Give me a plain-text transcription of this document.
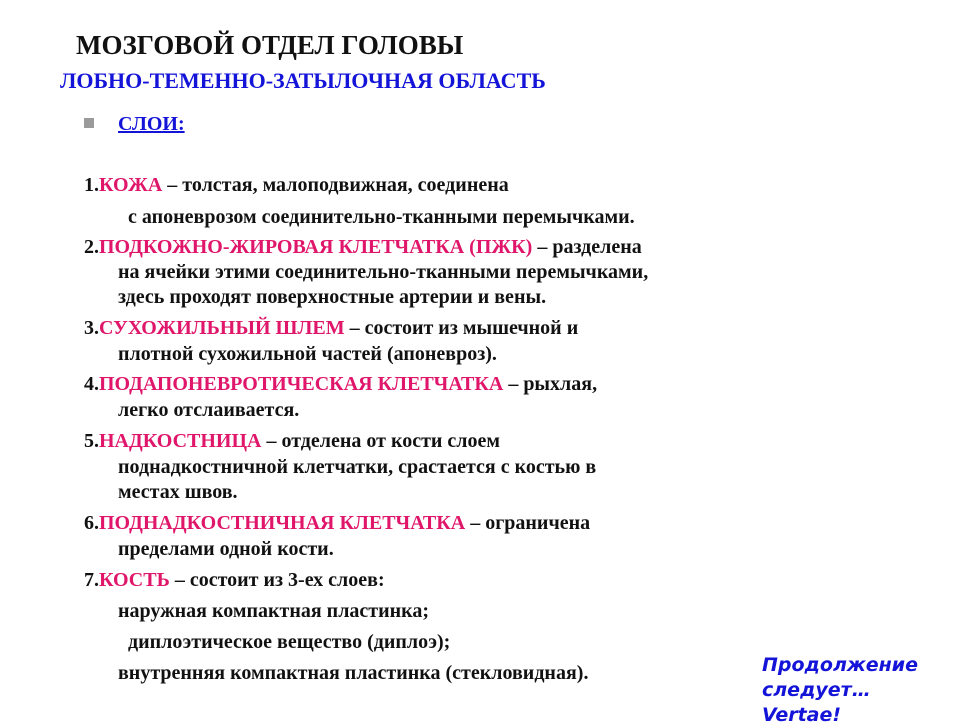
МОЗГОВОЙ ОТДЕЛ ГОЛОВЫ
ЛОБНО-ТЕМЕННО-ЗАТЫЛОЧНАЯ ОБЛАСТЬ
СЛОИ:
1.КОЖА – толстая, малоподвижная, соединена
с апоневрозом соединительно-тканными перемычками.
2.ПОДКОЖНО-ЖИРОВАЯ КЛЕТЧАТКА (ПЖК) – разделена
на ячейки этими соединительно-тканными перемычками,
здесь проходят поверхностные артерии и вены.
3.СУХОЖИЛЬНЫЙ ШЛЕМ – состоит из мышечной и
плотной сухожильной частей (апоневроз).
4.ПОДАПОНЕВРОТИЧЕСКАЯ КЛЕТЧАТКА – рыхлая,
легко отслаивается.
5.НАДКОСТНИЦА – отделена от кости слоем
поднадкостничной клетчатки, срастается с костью в
местах швов.
6.ПОДНАДКОСТНИЧНАЯ КЛЕТЧАТКА – ограничена
пределами одной кости.
7.КОСТЬ – состоит из 3-ех слоев:
наружная компактная пластинка;
диплоэтическое вещество (диплоэ);
внутренняя компактная пластинка (стекловидная).	Продолжение
следует…
Vertae!
